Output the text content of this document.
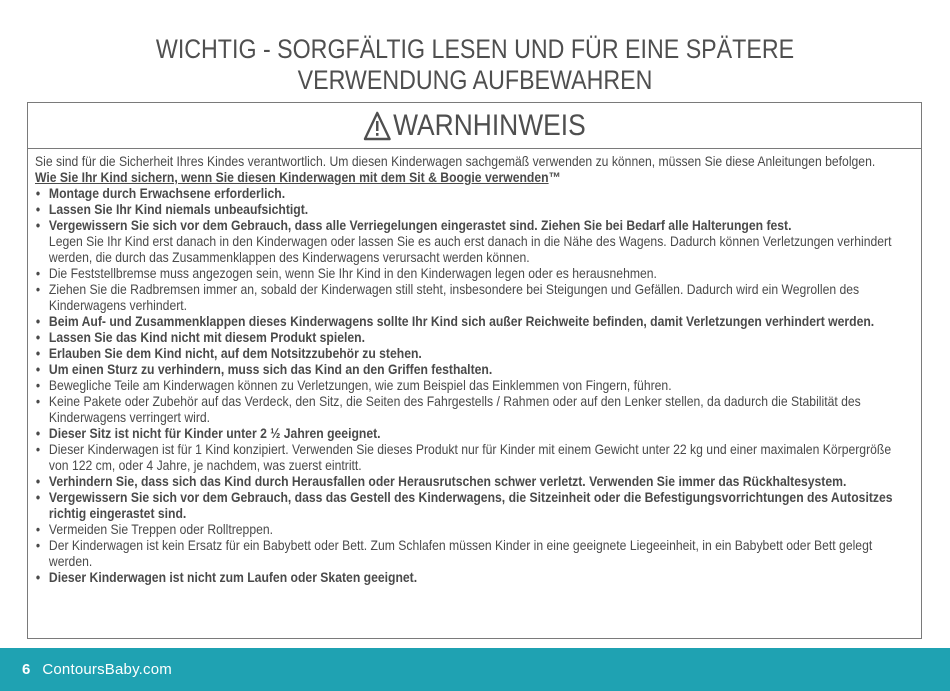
WICHTIG - SORGFÄLTIG LESEN UND FÜR EINE SPÄTERE
VERWENDUNG AUFBEWAHREN
WARNHINWEIS

Sie sind für die Sicherheit Ihres Kindes verantwortlich. Um diesen Kinderwagen sachgemäß verwenden zu können, müssen Sie diese Anleitungen befolgen.

Wie Sie Ihr Kind sichern, wenn Sie diesen Kinderwagen mit dem Sit & Boogie verwenden™

• Montage durch Erwachsene erforderlich.
• Lassen Sie Ihr Kind niemals unbeaufsichtigt.
• Vergewissern Sie sich vor dem Gebrauch, dass alle Verriegelungen eingerastet sind. Ziehen Sie bei Bedarf alle Halterungen fest.
Legen Sie Ihr Kind erst danach in den Kinderwagen oder lassen Sie es auch erst danach in die Nähe des Wagens. Dadurch können Verletzungen verhindert werden, die durch das Zusammenklappen des Kinderwagens verursacht werden können.
• Die Feststellbremse muss angezogen sein, wenn Sie Ihr Kind in den Kinderwagen legen oder es herausnehmen.
• Ziehen Sie die Radbremsen immer an, sobald der Kinderwagen still steht, insbesondere bei Steigungen und Gefällen. Dadurch wird ein Wegrollen des Kinderwagens verhindert.
• Beim Auf- und Zusammenklappen dieses Kinderwagens sollte Ihr Kind sich außer Reichweite befinden, damit Verletzungen verhindert werden.
• Lassen Sie das Kind nicht mit diesem Produkt spielen.
• Erlauben Sie dem Kind nicht, auf dem Notsitzzubehör zu stehen.
• Um einen Sturz zu verhindern, muss sich das Kind an den Griffen festhalten.
• Bewegliche Teile am Kinderwagen können zu Verletzungen, wie zum Beispiel das Einklemmen von Fingern, führen.
• Keine Pakete oder Zubehör auf das Verdeck, den Sitz, die Seiten des Fahrgestells / Rahmen oder auf den Lenker stellen, da dadurch die Stabilität des Kinderwagens verringert wird.
• Dieser Sitz ist nicht für Kinder unter 2 ½ Jahren geeignet.
• Dieser Kinderwagen ist für 1 Kind konzipiert. Verwenden Sie dieses Produkt nur für Kinder mit einem Gewicht unter 22 kg und einer maximalen Körpergröße von 122 cm, oder 4 Jahre, je nachdem, was zuerst eintritt.
• Verhindern Sie, dass sich das Kind durch Herausfallen oder Herausrutschen schwer verletzt. Verwenden Sie immer das Rückhaltesystem.
• Vergewissern Sie sich vor dem Gebrauch, dass das Gestell des Kinderwagens, die Sitzeinheit oder die Befestigungsvorrichtungen des Autositzes richtig eingerastet sind.
• Vermeiden Sie Treppen oder Rolltreppen.
• Der Kinderwagen ist kein Ersatz für ein Babybett oder Bett. Zum Schlafen müssen Kinder in eine geeignete Liegeeinheit, in ein Babybett oder Bett gelegt werden.
• Dieser Kinderwagen ist nicht zum Laufen oder Skaten geeignet.
6 ContoursBaby.com
